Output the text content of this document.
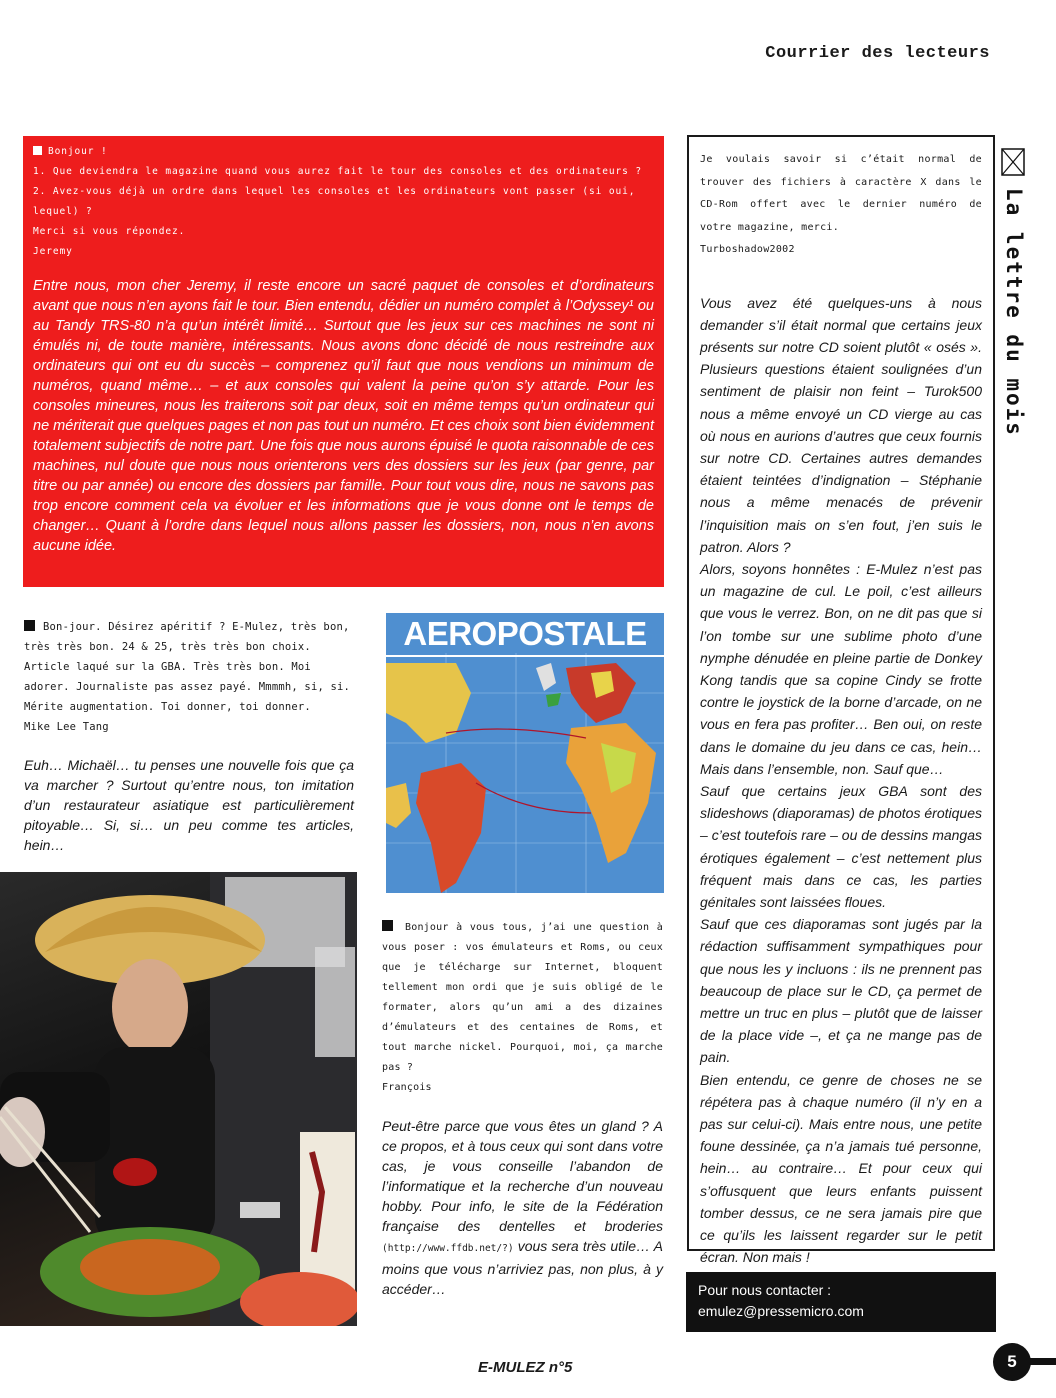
Courrier des lecteurs

Bonjour !

1. Que deviendra le magazine quand vous aurez fait le tour des consoles et des ordinateurs ?

2. Avez-vous déjà un ordre dans lequel les consoles et les ordinateurs vont passer (si oui, lequel) ?

Merci si vous répondez.

Jeremy

Entre nous, mon cher Jeremy, il reste encore un sacré paquet de consoles et d’ordinateurs avant que nous n’en ayons fait le tour. Bien entendu, dédier un numéro complet à l’Odyssey¹ ou au Tandy TRS-80 n’a qu’un intérêt limité… Surtout que les jeux sur ces machines ne sont ni émulés ni, de toute manière, intéressants. Nous avons donc décidé de nous restreindre aux ordinateurs qui ont eu du succès – comprenez qu’il faut que nous vendions un minimum de numéros, quand même… – et aux consoles qui valent la peine qu’on s’y attarde. Pour les consoles mineures, nous les traiterons soit par deux, soit en même temps qu’un ordinateur qui ne mériterait que quelques pages et non pas tout un numéro. Et ces choix sont bien évidemment totalement subjectifs de notre part. Une fois que nous aurons épuisé le quota raisonnable de ces machines, nul doute que nous nous orienterons vers des dossiers sur les jeux (par genre, par titre ou par année) ou encore des dossiers par famille. Pour tout vous dire, nous ne savons pas trop encore comment cela va évoluer et les informations que je vous donne ont le temps de changer… Quant à l’ordre dans lequel nous allons passer les dossiers, non, nous n’en avons aucune idée.

Bon-jour. Désirez apéritif ? E-Mulez, très bon, très très bon. 24 & 25, très très bon choix. Article laqué sur la GBA. Très très bon. Moi adorer. Journaliste pas assez payé. Mmmmh, si, si. Mérite augmentation. Toi donner, toi donner.

Mike Lee Tang

Euh… Michaël… tu penses une nouvelle fois que ça va marcher ? Surtout qu’entre nous, ton imitation d’un restaurateur asiatique est particulièrement pitoyable… Si, si… un peu comme tes articles, hein…
AEROPOSTALE

Bonjour à vous tous, j’ai une question à vous poser : vos émulateurs et Roms, ou ceux que je télécharge sur Internet, bloquent tellement mon ordi que je suis obligé de le formater, alors qu’un ami a des dizaines d’émulateurs et des centaines de Roms, et tout marche nickel. Pourquoi, moi, ça marche pas ?

François

Peut-être parce que vous êtes un gland ? A ce propos, et à tous ceux qui sont dans votre cas, je vous conseille l’abandon de l’informatique et la recherche d’un nouveau hobby. Pour info, le site de la Fédération française des dentelles et broderies (http://www.ffdb.net/?) vous sera très utile… A moins que vous n’arriviez pas, non plus, à y accéder…

Je voulais savoir si c’était normal de trouver des fichiers à caractère X dans le CD-Rom offert avec le dernier numéro de votre magazine, merci.

Turboshadow2002

Vous avez été quelques-uns à nous demander s’il était normal que certains jeux présents sur notre CD soient plutôt « osés ». Plusieurs questions étaient soulignées d’un sentiment de plaisir non feint – Turok500 nous a même envoyé un CD vierge au cas où nous en aurions d’autres que ceux fournis sur notre CD. Certaines autres demandes étaient teintées d’indignation – Stéphanie nous a même menacés de prévenir l’inquisition mais on s’en fout, j’en suis le patron. Alors ?

Alors, soyons honnêtes : E-Mulez n’est pas un magazine de cul. Le poil, c’est ailleurs que vous le verrez. Bon, on ne dit pas que si l’on tombe sur une sublime photo d’une nymphe dénudée en pleine partie de Donkey Kong tandis que sa copine Cindy se frotte contre le joystick de la borne d’arcade, on ne vous en fera pas profiter… Ben oui, on reste dans le domaine du jeu dans ce cas, hein… Mais dans l’ensemble, non. Sauf que…

Sauf que certains jeux GBA sont des slideshows (diaporamas) de photos érotiques – c’est toutefois rare – ou de dessins mangas érotiques également – c’est nettement plus fréquent mais dans ce cas, les parties génitales sont laissées floues.

Sauf que ces diaporamas sont jugés par la rédaction suffisamment sympathiques pour que nous les y incluons : ils ne prennent pas beaucoup de place sur le CD, ça permet de mettre un truc en plus – plutôt que de laisser de la place vide –, et ça ne mange pas de pain.

Bien entendu, ce genre de choses ne se répétera pas à chaque numéro (il n’y en a pas sur celui-ci). Mais entre nous, une petite foune dessinée, ça n’a jamais tué personne, hein… au contraire… Et pour ceux qui s’offusquent que leurs enfants puissent tomber dessus, ce ne sera jamais pire que ce qu’ils les laissent regarder sur le petit écran. Non mais !

La lettre du mois
Pour nous contacter :
emulez@pressemicro.com
E-MULEZ n°5	5
